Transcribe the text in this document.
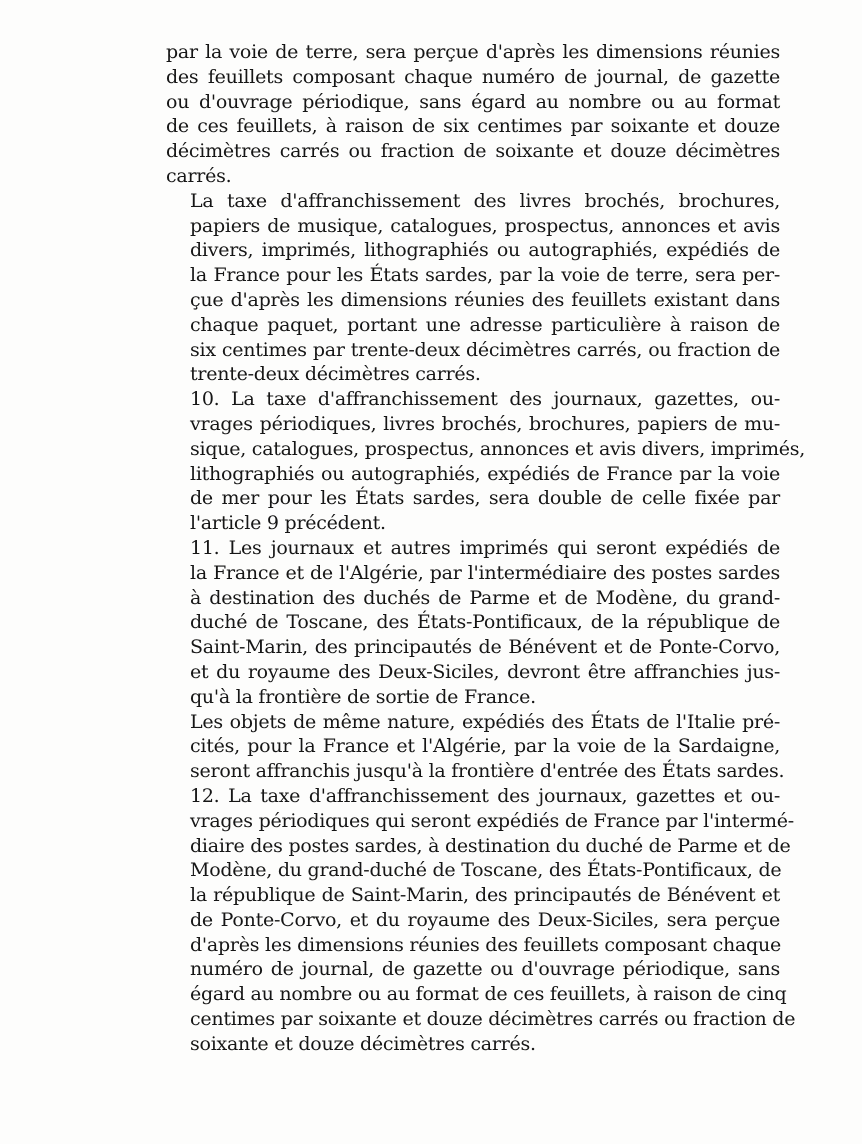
par la voie de terre, sera perçue d'après les dimensions réunies
des feuillets composant chaque numéro de journal, de gazette
ou d'ouvrage périodique, sans égard au nombre ou au format
de ces feuillets, à raison de six centimes par soixante et douze
décimètres carrés ou fraction de soixante et douze décimètres
carrés.
La taxe d'affranchissement des livres brochés, brochures,
papiers de musique, catalogues, prospectus, annonces et avis
divers, imprimés, lithographiés ou autographiés, expédiés de
la France pour les États sardes, par la voie de terre, sera per-
çue d'après les dimensions réunies des feuillets existant dans
chaque paquet, portant une adresse particulière à raison de
six centimes par trente-deux décimètres carrés, ou fraction de
trente-deux décimètres carrés.
10. La taxe d'affranchissement des journaux, gazettes, ou-
vrages périodiques, livres brochés, brochures, papiers de mu-
sique, catalogues, prospectus, annonces et avis divers, imprimés,
lithographiés ou autographiés, expédiés de France par la voie
de mer pour les États sardes, sera double de celle fixée par
l'article 9 précédent.
11. Les journaux et autres imprimés qui seront expédiés de
la France et de l'Algérie, par l'intermédiaire des postes sardes
à destination des duchés de Parme et de Modène, du grand-
duché de Toscane, des États-Pontificaux, de la république de
Saint-Marin, des principautés de Bénévent et de Ponte-Corvo,
et du royaume des Deux-Siciles, devront être affranchies jus-
qu'à la frontière de sortie de France.
Les objets de même nature, expédiés des États de l'Italie pré-
cités, pour la France et l'Algérie, par la voie de la Sardaigne,
seront affranchis jusqu'à la frontière d'entrée des États sardes.
12. La taxe d'affranchissement des journaux, gazettes et ou-
vrages périodiques qui seront expédiés de France par l'intermé-
diaire des postes sardes, à destination du duché de Parme et de
Modène, du grand-duché de Toscane, des États-Pontificaux, de
la république de Saint-Marin, des principautés de Bénévent et
de Ponte-Corvo, et du royaume des Deux-Siciles, sera perçue
d'après les dimensions réunies des feuillets composant chaque
numéro de journal, de gazette ou d'ouvrage périodique, sans
égard au nombre ou au format de ces feuillets, à raison de cinq
centimes par soixante et douze décimètres carrés ou fraction de
soixante et douze décimètres carrés.
